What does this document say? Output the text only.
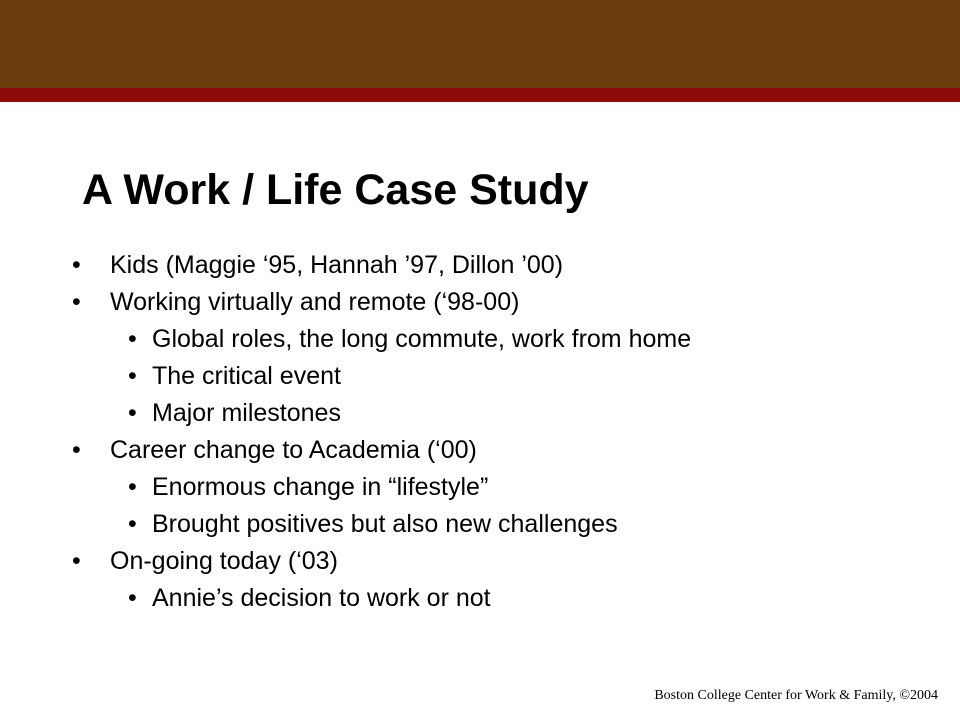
A Work / Life Case Study
• Kids (Maggie ‘95, Hannah ’97, Dillon ’00)
• Working virtually and remote (‘98-00)
• Global roles, the long commute, work from home
• The critical event
• Major milestones
• Career change to Academia (‘00)
• Enormous change in “lifestyle”
• Brought positives but also new challenges
• On-going today (‘03)
• Annie’s decision to work or not
Boston College Center for Work & Family, ©2004
